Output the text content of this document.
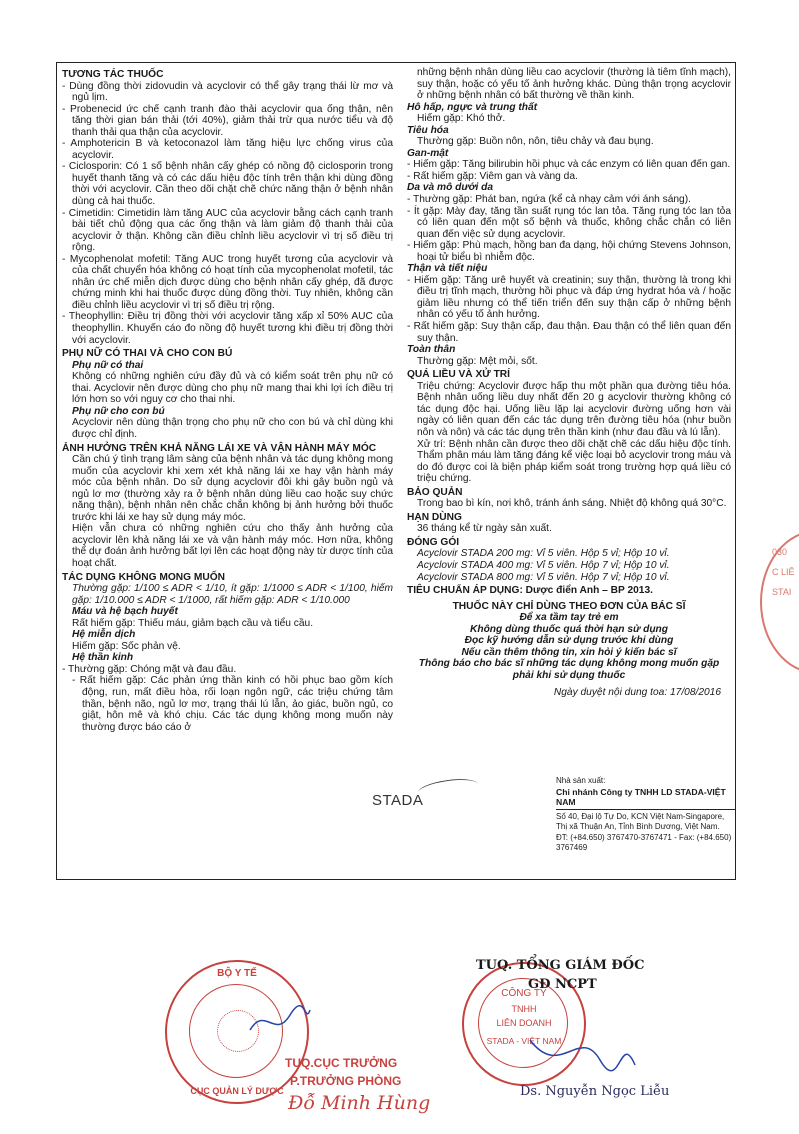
TƯƠNG TÁC THUỐC
- Dùng đồng thời zidovudin và acyclovir có thể gây trạng thái lừ mơ và ngủ lịm.
- Probenecid ức chế cạnh tranh đào thải acyclovir qua ống thận, nên tăng thời gian bán thải (tới 40%), giảm thải trừ qua nước tiểu và độ thanh thải qua thận của acyclovir.
- Amphotericin B và ketoconazol làm tăng hiệu lực chống virus của acyclovir.
- Ciclosporin: Có 1 số bệnh nhân cấy ghép có nồng độ ciclosporin trong huyết thanh tăng và có các dấu hiệu độc tính trên thận khi dùng đồng thời với acyclovir. Cần theo dõi chặt chẽ chức năng thận ở bệnh nhân dùng cả hai thuốc.
- Cimetidin: Cimetidin làm tăng AUC của acyclovir bằng cách cạnh tranh bài tiết chủ động qua các ống thận và làm giảm độ thanh thải của acyclovir ở thận. Không cần điều chỉnh liều acyclovir vì trị số điều trị rộng.
- Mycophenolat mofetil: Tăng AUC trong huyết tương của acyclovir và của chất chuyển hóa không có hoạt tính của mycophenolat mofetil, tác nhân ức chế miễn dịch được dùng cho bệnh nhân cấy ghép, đã được chứng minh khi hai thuốc được dùng đồng thời. Tuy nhiên, không cần điều chỉnh liều acyclovir vì trị số điều trị rộng.
- Theophyllin: Điều trị đồng thời với acyclovir tăng xấp xỉ 50% AUC của theophyllin. Khuyến cáo đo nồng độ huyết tương khi điều trị đồng thời với acyclovir.
PHỤ NỮ CÓ THAI VÀ CHO CON BÚ
Phụ nữ có thai
Không có những nghiên cứu đầy đủ và có kiểm soát trên phụ nữ có thai. Acyclovir nên được dùng cho phụ nữ mang thai khi lợi ích điều trị lớn hơn so với nguy cơ cho thai nhi.
Phụ nữ cho con bú
Acyclovir nên dùng thận trọng cho phụ nữ cho con bú và chỉ dùng khi được chỉ định.
ẢNH HƯỞNG TRÊN KHẢ NĂNG LÁI XE VÀ VẬN HÀNH MÁY MÓC
Cần chú ý tình trạng lâm sàng của bệnh nhân và tác dụng không mong muốn của acyclovir khi xem xét khả năng lái xe hay vận hành máy móc của bệnh nhân. Do sử dụng acyclovir đôi khi gây buồn ngủ và ngủ lơ mơ (thường xảy ra ở bệnh nhân dùng liều cao hoặc suy chức năng thận), bệnh nhân nên chắc chắn không bị ảnh hưởng bởi thuốc trước khi lái xe hay sử dụng máy móc.
Hiện vẫn chưa có những nghiên cứu cho thấy ảnh hưởng của acyclovir lên khả năng lái xe và vận hành máy móc. Hơn nữa, không thể dự đoán ảnh hưởng bất lợi lên các hoạt động này từ dược tính của hoạt chất.
TÁC DỤNG KHÔNG MONG MUỐN
Thường gặp: 1/100 ≤ ADR < 1/10, ít gặp: 1/1000 ≤ ADR < 1/100, hiếm gặp: 1/10.000 ≤ ADR < 1/1000, rất hiếm gặp: ADR < 1/10.000
Máu và hệ bạch huyết
Rất hiếm gặp: Thiếu máu, giảm bạch cầu và tiểu cầu.
Hệ miễn dịch
Hiếm gặp: Sốc phản vệ.
Hệ thần kinh
- Thường gặp: Chóng mặt và đau đầu.
- Rất hiếm gặp: Các phản ứng thần kinh có hồi phục bao gồm kích động, run, mất điều hòa, rối loạn ngôn ngữ, các triệu chứng tâm thần, bệnh não, ngủ lơ mơ, trạng thái lú lẫn, ảo giác, buồn ngủ, co giật, hôn mê và khó chịu. Các tác dụng không mong muốn này thường được báo cáo ở
những bệnh nhân dùng liều cao acyclovir (thường là tiêm tĩnh mạch), suy thận, hoặc có yếu tố ảnh hưởng khác. Dùng thận trọng acyclovir ở những bệnh nhân có bất thường về thần kinh.
Hô hấp, ngực và trung thất
Hiếm gặp: Khó thở.
Tiêu hóa
Thường gặp: Buồn nôn, nôn, tiêu chảy và đau bụng.
Gan-mật
- Hiếm gặp: Tăng bilirubin hồi phục và các enzym có liên quan đến gan.
- Rất hiếm gặp: Viêm gan và vàng da.
Da và mô dưới da
- Thường gặp: Phát ban, ngứa (kể cả nhạy cảm với ánh sáng).
- Ít gặp: Mày đay, tăng tần suất rụng tóc lan tỏa. Tăng rụng tóc lan tỏa có liên quan đến một số bệnh và thuốc, không chắc chắn có liên quan đến việc sử dụng acyclovir.
- Hiếm gặp: Phù mạch, hồng ban đa dạng, hội chứng Stevens Johnson, hoại tử biểu bì nhiễm độc.
Thận và tiết niệu
- Hiếm gặp: Tăng urê huyết và creatinin; suy thận, thường là trong khi điều trị tĩnh mạch, thường hồi phục và đáp ứng hydrat hóa và / hoặc giảm liều nhưng có thể tiến triển đến suy thận cấp ở những bệnh nhân có yếu tố ảnh hưởng.
- Rất hiếm gặp: Suy thận cấp, đau thận. Đau thận có thể liên quan đến suy thận.
Toàn thân
Thường gặp: Mệt mỏi, sốt.
QUÁ LIỀU VÀ XỬ TRÍ
Triệu chứng: Acyclovir được hấp thu một phần qua đường tiêu hóa. Bệnh nhân uống liều duy nhất đến 20 g acyclovir thường không có tác dụng độc hại. Uống liều lặp lại acyclovir đường uống hơn vài ngày có liên quan đến các tác dụng trên đường tiêu hóa (như buồn nôn và nôn) và các tác dụng trên thần kinh (như đau đầu và lú lẫn).
Xử trí: Bệnh nhân cần được theo dõi chặt chẽ các dấu hiệu độc tính. Thẩm phân máu làm tăng đáng kể việc loại bỏ acyclovir trong máu và do đó được coi là biện pháp kiểm soát trong trường hợp quá liều có triệu chứng.
BẢO QUẢN
Trong bao bì kín, nơi khô, tránh ánh sáng. Nhiệt độ không quá 30°C.
HẠN DÙNG
36 tháng kể từ ngày sản xuất.
ĐÓNG GÓI
Acyclovir STADA 200 mg: Vỉ 5 viên. Hộp 5 vỉ; Hộp 10 vỉ.
Acyclovir STADA 400 mg: Vỉ 5 viên. Hộp 7 vỉ; Hộp 10 vỉ.
Acyclovir STADA 800 mg: Vỉ 5 viên. Hộp 7 vỉ; Hộp 10 vỉ.
TIÊU CHUẨN ÁP DỤNG: Dược điển Anh – BP 2013.
THUỐC NÀY CHỈ DÙNG THEO ĐƠN CỦA BÁC SĨ
Để xa tầm tay trẻ em
Không dùng thuốc quá thời hạn sử dụng
Đọc kỹ hướng dẫn sử dụng trước khi dùng
Nếu cần thêm thông tin, xin hỏi ý kiến bác sĩ
Thông báo cho bác sĩ những tác dụng không mong muốn gặp phải khi sử dụng thuốc
Ngày duyệt nội dung toa: 17/08/2016
STADA
Nhà sản xuất:
Chi nhánh Công ty TNHH LD STADA-VIỆT NAM
Số 40, Đại lộ Tự Do, KCN Việt Nam-Singapore,
Thị xã Thuận An, Tỉnh Bình Dương, Việt Nam.
ĐT: (+84.650) 3767470-3767471 - Fax: (+84.650) 3767469
BỘ Y TẾ
CỤC QUẢN LÝ DƯỢC
TUQ.CỤC TRƯỞNG
P.TRƯỞNG PHÒNG
Đỗ Minh Hùng
CÔNG TY
TNHH
LIÊN DOANH
STADA - VIỆT NAM
TUQ. TỔNG GIÁM ĐỐC
GĐ NCPT
Ds. Nguyễn Ngọc Liễu
030 C LIÊ STAI
